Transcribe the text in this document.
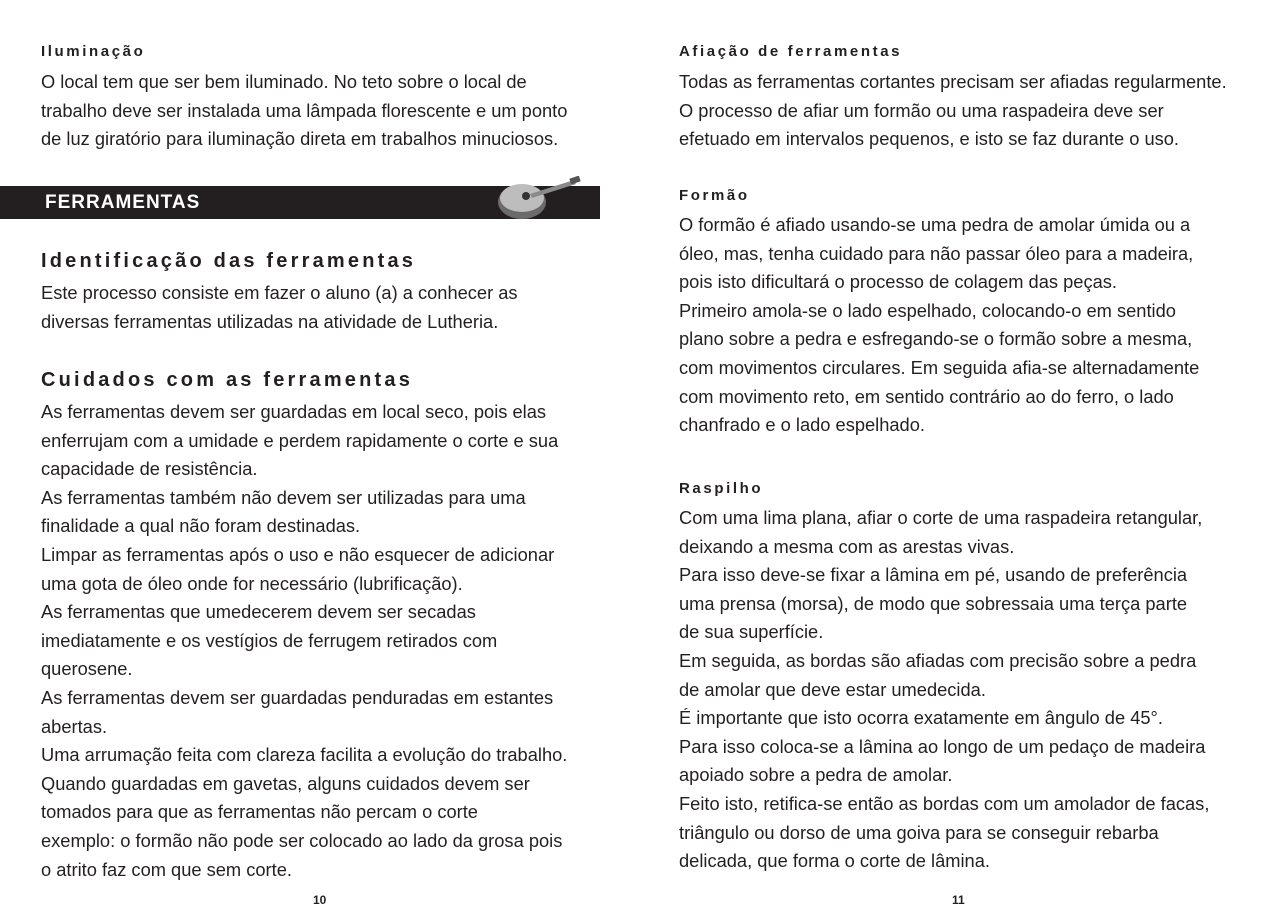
Iluminação
O local tem que ser bem iluminado. No teto sobre o local de
trabalho deve ser instalada uma lâmpada florescente e um ponto
de luz giratório para iluminação direta em trabalhos minuciosos.
FERRAMENTAS
Identificação das ferramentas
Este processo consiste em fazer o aluno (a) a conhecer as
diversas ferramentas utilizadas na atividade de Lutheria.
Cuidados com as ferramentas
As ferramentas devem ser guardadas em local seco, pois elas
enferrujam com a umidade e perdem rapidamente o corte e sua
capacidade de resistência.
As ferramentas também não devem ser utilizadas para uma
finalidade a qual não foram destinadas.
Limpar as ferramentas após o uso e não esquecer de adicionar
uma gota de óleo onde for necessário (lubrificação).
As ferramentas que umedecerem devem ser secadas
imediatamente e os vestígios de ferrugem retirados com
querosene.
As ferramentas devem ser guardadas penduradas em estantes
abertas.
Uma arrumação feita com clareza facilita a evolução do trabalho.
Quando guardadas em gavetas, alguns cuidados devem ser
tomados para que as ferramentas não percam o corte
exemplo: o formão não pode ser colocado ao lado da grosa pois
o atrito faz com que sem corte.
10
Afiação de ferramentas
Todas as ferramentas cortantes precisam ser afiadas regularmente.
O processo de afiar um formão ou uma raspadeira deve ser
efetuado em intervalos pequenos, e isto se faz durante o uso.
Formão
O formão é afiado usando-se uma pedra de amolar úmida ou a
óleo, mas, tenha cuidado para não passar óleo para a madeira,
pois isto dificultará o processo de colagem das peças.
Primeiro amola-se o lado espelhado, colocando-o em sentido
plano sobre a pedra e esfregando-se o formão sobre a mesma,
com movimentos circulares. Em seguida afia-se alternadamente
com movimento reto, em sentido contrário ao do ferro, o lado
chanfrado e o lado espelhado.
Raspilho
Com uma lima plana, afiar o corte de uma raspadeira retangular,
deixando a mesma com as arestas vivas.
Para isso deve-se fixar a lâmina em pé, usando de preferência
uma prensa (morsa), de modo que sobressaia uma terça parte
de sua superfície.
Em seguida, as bordas são afiadas com precisão sobre a pedra
de amolar que deve estar umedecida.
É importante que isto ocorra exatamente em ângulo de 45°.
Para isso coloca-se a lâmina ao longo de um pedaço de madeira
apoiado sobre a pedra de amolar.
Feito isto, retifica-se então as bordas com um amolador de facas,
triângulo ou dorso de uma goiva para se conseguir rebarba
delicada, que forma o corte de lâmina.
11
